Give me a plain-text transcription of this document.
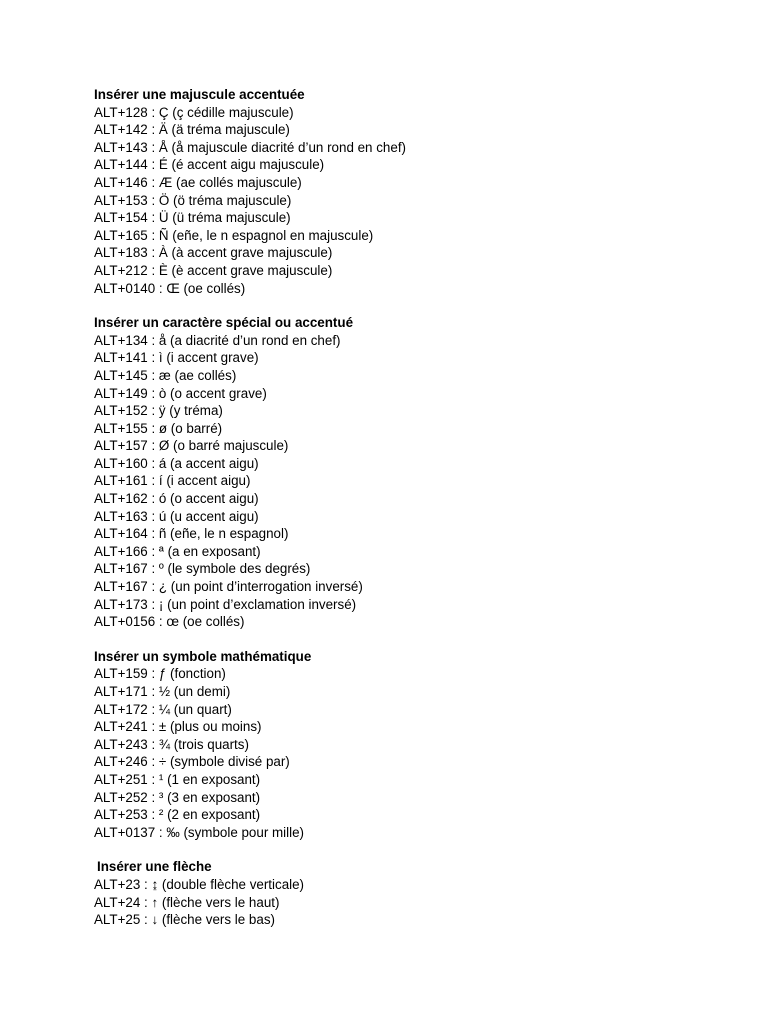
Insérer une majuscule accentuée
ALT+128 : Ç (ç cédille majuscule)
ALT+142 : Ä (ä tréma majuscule)
ALT+143 : Å (å majuscule diacrité d’un rond en chef)
ALT+144 : É (é accent aigu majuscule)
ALT+146 : Æ (ae collés majuscule)
ALT+153 : Ö (ö tréma majuscule)
ALT+154 : Ü (ü tréma majuscule)
ALT+165 : Ñ (eñe, le n espagnol en majuscule)
ALT+183 : À (à accent grave majuscule)
ALT+212 : È (è accent grave majuscule)
ALT+0140 : Œ (oe collés)
Insérer un caractère spécial ou accentué
ALT+134 : å (a diacrité d’un rond en chef)
ALT+141 : ì (i accent grave)
ALT+145 : æ (ae collés)
ALT+149 : ò (o accent grave)
ALT+152 : ÿ (y tréma)
ALT+155 : ø (o barré)
ALT+157 : Ø (o barré majuscule)
ALT+160 : á (a accent aigu)
ALT+161 : í (i accent aigu)
ALT+162 : ó (o accent aigu)
ALT+163 : ú (u accent aigu)
ALT+164 : ñ (eñe, le n espagnol)
ALT+166 : ª (a en exposant)
ALT+167 : º (le symbole des degrés)
ALT+167 : ¿ (un point d’interrogation inversé)
ALT+173 : ¡ (un point d’exclamation inversé)
ALT+0156 : œ (oe collés)
Insérer un symbole mathématique
ALT+159 : ƒ (fonction)
ALT+171 : ½ (un demi)
ALT+172 : ¼ (un quart)
ALT+241 : ± (plus ou moins)
ALT+243 : ¾ (trois quarts)
ALT+246 : ÷ (symbole divisé par)
ALT+251 : ¹ (1 en exposant)
ALT+252 : ³ (3 en exposant)
ALT+253 : ² (2 en exposant)
ALT+0137 : ‰ (symbole pour mille)
Insérer une flèche
ALT+23 : ↨ (double flèche verticale)
ALT+24 : ↑ (flèche vers le haut)
ALT+25 : ↓ (flèche vers le bas)
